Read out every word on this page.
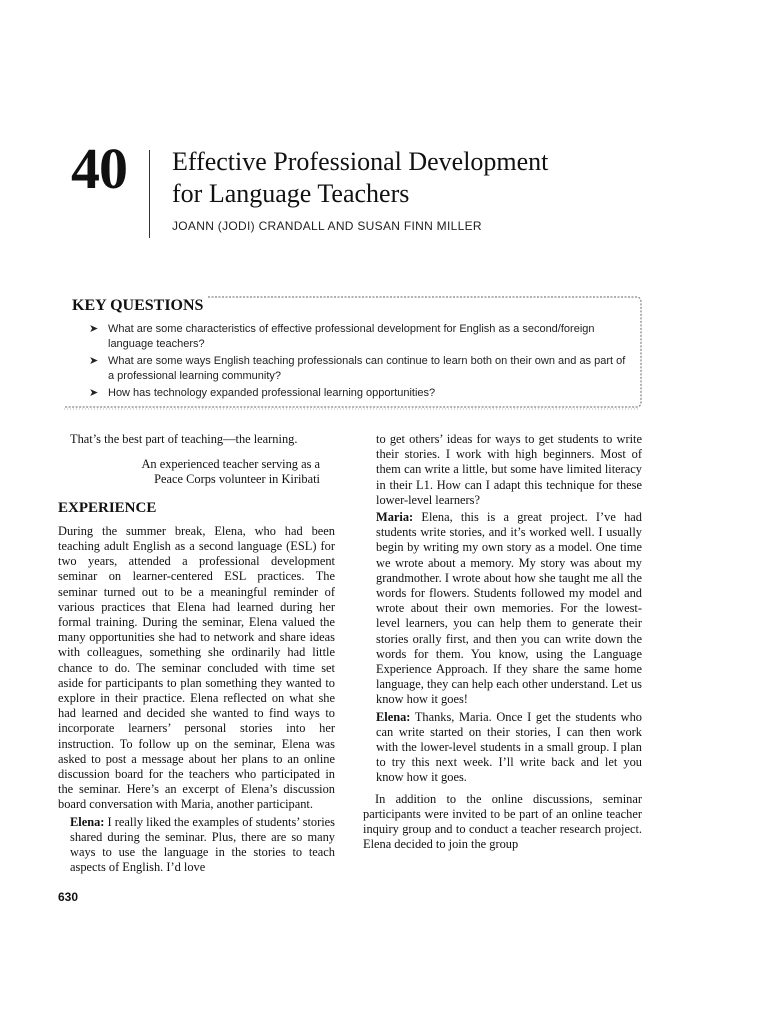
40 Effective Professional Development
for Language Teachers
JOANN (JODI) CRANDALL AND SUSAN FINN MILLER
KEY QUESTIONS
➤ What are some characteristics of effective professional development for English as a second/foreign language teachers?
➤ What are some ways English teaching professionals can continue to learn both on their own and as part of a professional learning community?
➤ How has technology expanded professional learning opportunities?

That’s the best part of teaching—the learning.

An experienced teacher serving as a Peace Corps volunteer in Kiribati

EXPERIENCE

During the summer break, Elena, who had been teaching adult English as a second language (ESL) for two years, attended a professional development seminar on learner-centered ESL practices. The seminar turned out to be a meaningful reminder of various practices that Elena had learned during her formal training. During the seminar, Elena valued the many opportunities she had to network and share ideas with colleagues, something she ordinarily had little chance to do. The seminar concluded with time set aside for participants to plan something they wanted to explore in their practice. Elena reflected on what she had learned and decided she wanted to find ways to incorporate learners’ personal stories into her instruction. To follow up on the seminar, Elena was asked to post a message about her plans to an online discussion board for the teachers who participated in the seminar. Here’s an excerpt of Elena’s discussion board conversation with Maria, another participant.

Elena: I really liked the examples of students’ stories shared during the seminar. Plus, there are so many ways to use the language in the stories to teach aspects of English. I’d love

to get others’ ideas for ways to get students to write their stories. I work with high beginners. Most of them can write a little, but some have limited literacy in their L1. How can I adapt this technique for these lower-level learners?

Maria: Elena, this is a great project. I’ve had students write stories, and it’s worked well. I usually begin by writing my own story as a model. One time we wrote about a memory. My story was about my grandmother. I wrote about how she taught me all the words for flowers. Students followed my model and wrote about their own memories. For the lowest-level learners, you can help them to generate their stories orally first, and then you can write down the words for them. You know, using the Language Experience Approach. If they share the same home language, they can help each other understand. Let us know how it goes!

Elena: Thanks, Maria. Once I get the students who can write started on their stories, I can then work with the lower-level students in a small group. I plan to try this next week. I’ll write back and let you know how it goes.

In addition to the online discussions, seminar participants were invited to be part of an online teacher inquiry group and to conduct a teacher research project. Elena decided to join the group

630
